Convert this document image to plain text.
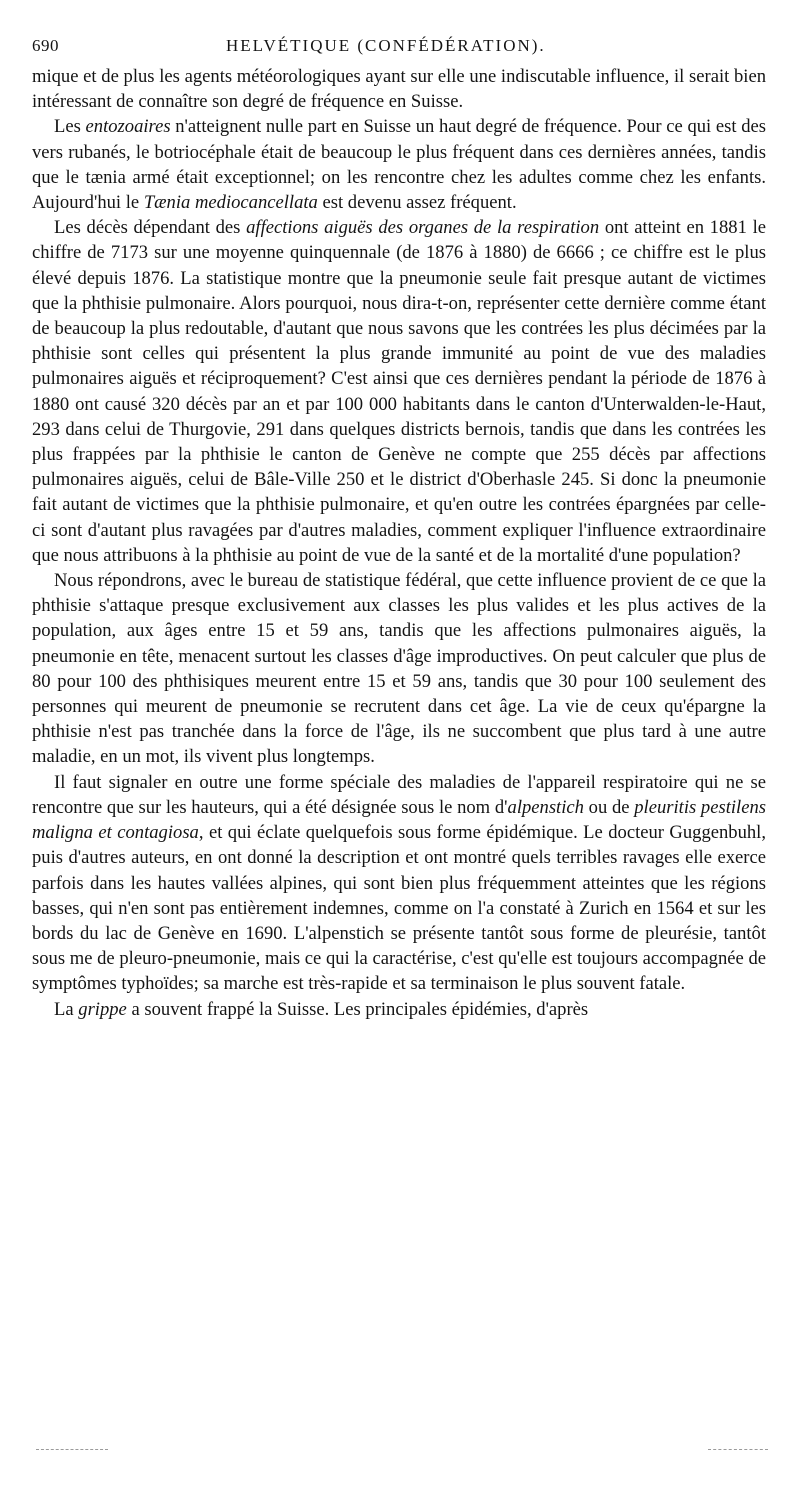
690	HELVÉTIQUE (CONFÉDÉRATION).

mique et de plus les agents météorologiques ayant sur elle une indiscutable influence, il serait bien intéressant de connaître son degré de fréquence en Suisse.

Les entozoaires n'atteignent nulle part en Suisse un haut degré de fréquence. Pour ce qui est des vers rubanés, le botriocéphale était de beaucoup le plus fréquent dans ces dernières années, tandis que le tænia armé était exceptionnel; on les rencontre chez les adultes comme chez les enfants. Aujourd'hui le Tænia mediocancellata est devenu assez fréquent.

Les décès dépendant des affections aiguës des organes de la respiration ont atteint en 1881 le chiffre de 7173 sur une moyenne quinquennale (de 1876 à 1880) de 6666 ; ce chiffre est le plus élevé depuis 1876. La statistique montre que la pneumonie seule fait presque autant de victimes que la phthisie pulmonaire. Alors pourquoi, nous dira-t-on, représenter cette dernière comme étant de beaucoup la plus redoutable, d'autant que nous savons que les contrées les plus décimées par la phthisie sont celles qui présentent la plus grande immunité au point de vue des maladies pulmonaires aiguës et réciproquement? C'est ainsi que ces dernières pendant la période de 1876 à 1880 ont causé 320 décès par an et par 100 000 habitants dans le canton d'Unterwalden-le-Haut, 293 dans celui de Thurgovie, 291 dans quelques districts bernois, tandis que dans les contrées les plus frappées par la phthisie le canton de Genève ne compte que 255 décès par affections pulmonaires aiguës, celui de Bâle-Ville 250 et le district d'Oberhasle 245. Si donc la pneumonie fait autant de victimes que la phthisie pulmonaire, et qu'en outre les contrées épargnées par celle-ci sont d'autant plus ravagées par d'autres maladies, comment expliquer l'influence extraordinaire que nous attribuons à la phthisie au point de vue de la santé et de la mortalité d'une population?

Nous répondrons, avec le bureau de statistique fédéral, que cette influence provient de ce que la phthisie s'attaque presque exclusivement aux classes les plus valides et les plus actives de la population, aux âges entre 15 et 59 ans, tandis que les affections pulmonaires aiguës, la pneumonie en tête, menacent surtout les classes d'âge improductives. On peut calculer que plus de 80 pour 100 des phthisiques meurent entre 15 et 59 ans, tandis que 30 pour 100 seulement des personnes qui meurent de pneumonie se recrutent dans cet âge. La vie de ceux qu'épargne la phthisie n'est pas tranchée dans la force de l'âge, ils ne succombent que plus tard à une autre maladie, en un mot, ils vivent plus longtemps.

Il faut signaler en outre une forme spéciale des maladies de l'appareil respiratoire qui ne se rencontre que sur les hauteurs, qui a été désignée sous le nom d'alpenstich ou de pleuritis pestilens maligna et contagiosa, et qui éclate quelquefois sous forme épidémique. Le docteur Guggenbuhl, puis d'autres auteurs, en ont donné la description et ont montré quels terribles ravages elle exerce parfois dans les hautes vallées alpines, qui sont bien plus fréquemment atteintes que les régions basses, qui n'en sont pas entièrement indemnes, comme on l'a constaté à Zurich en 1564 et sur les bords du lac de Genève en 1690. L'alpenstich se présente tantôt sous forme de pleurésie, tantôt sous me de pleuro-pneumonie, mais ce qui la caractérise, c'est qu'elle est toujours accompagnée de symptômes typhoïdes; sa marche est très-rapide et sa terminaison le plus souvent fatale.

La grippe a souvent frappé la Suisse. Les principales épidémies, d'après
